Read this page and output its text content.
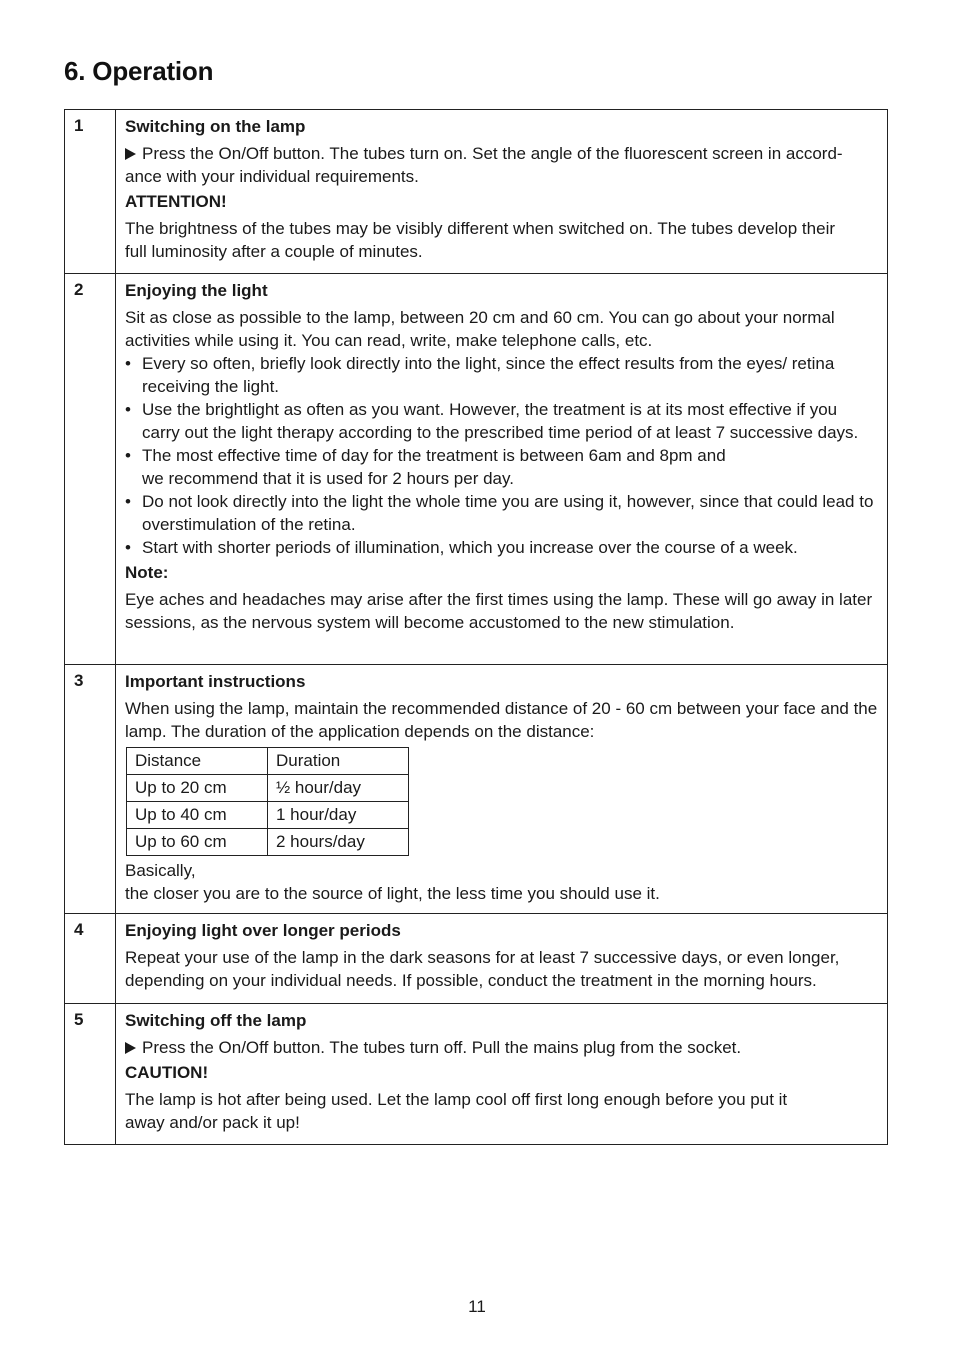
6. Operation
1	Switching on the lamp

Press the On/Off button. The tubes turn on. Set the angle of the fluorescent screen in accord-ance with your individual requirements.

ATTENTION!

The brightness of the tubes may be visibly different when switched on. The tubes develop their full luminosity after a couple of minutes.

2	Enjoying the light

Sit as close as possible to the lamp, between 20 cm and 60 cm. You can go about your normal activities while using it. You can read, write, make telephone calls, etc.

• Every so often, briefly look directly into the light, since the effect results from the eyes/ retina receiving the light.
• Use the brightlight as often as you want. However, the treatment is at its most effective if you carry out the light therapy according to the prescribed time period of at least 7 successive days.
• The most effective time of day for the treatment is between 6am and 8pm and we recommend that it is used for 2 hours per day.
• Do not look directly into the light the whole time you are using it, however, since that could lead to overstimulation of the retina.
• Start with shorter periods of illumination, which you increase over the course of a week.
Note:

Eye aches and headaches may arise after the first times using the lamp. These will go away in later sessions, as the nervous system will become accustomed to the new stimulation.

3	Important instructions

When using the lamp, maintain the recommended distance of 20 - 60 cm between your face and the lamp. The duration of the application depends on the distance:

Distance	Duration
Up to 20 cm	½ hour/day
Up to 40 cm	1 hour/day
Up to 60 cm	2 hours/day

Basically,

the closer you are to the source of light, the less time you should use it.

4	Enjoying light over longer periods

Repeat your use of the lamp in the dark seasons for at least 7 successive days, or even longer, depending on your individual needs. If possible, conduct the treatment in the morning hours.

5	Switching off the lamp

Press the On/Off button. The tubes turn off. Pull the mains plug from the socket.

CAUTION!

The lamp is hot after being used. Let the lamp cool off first long enough before you put it away and/or pack it up!

11
